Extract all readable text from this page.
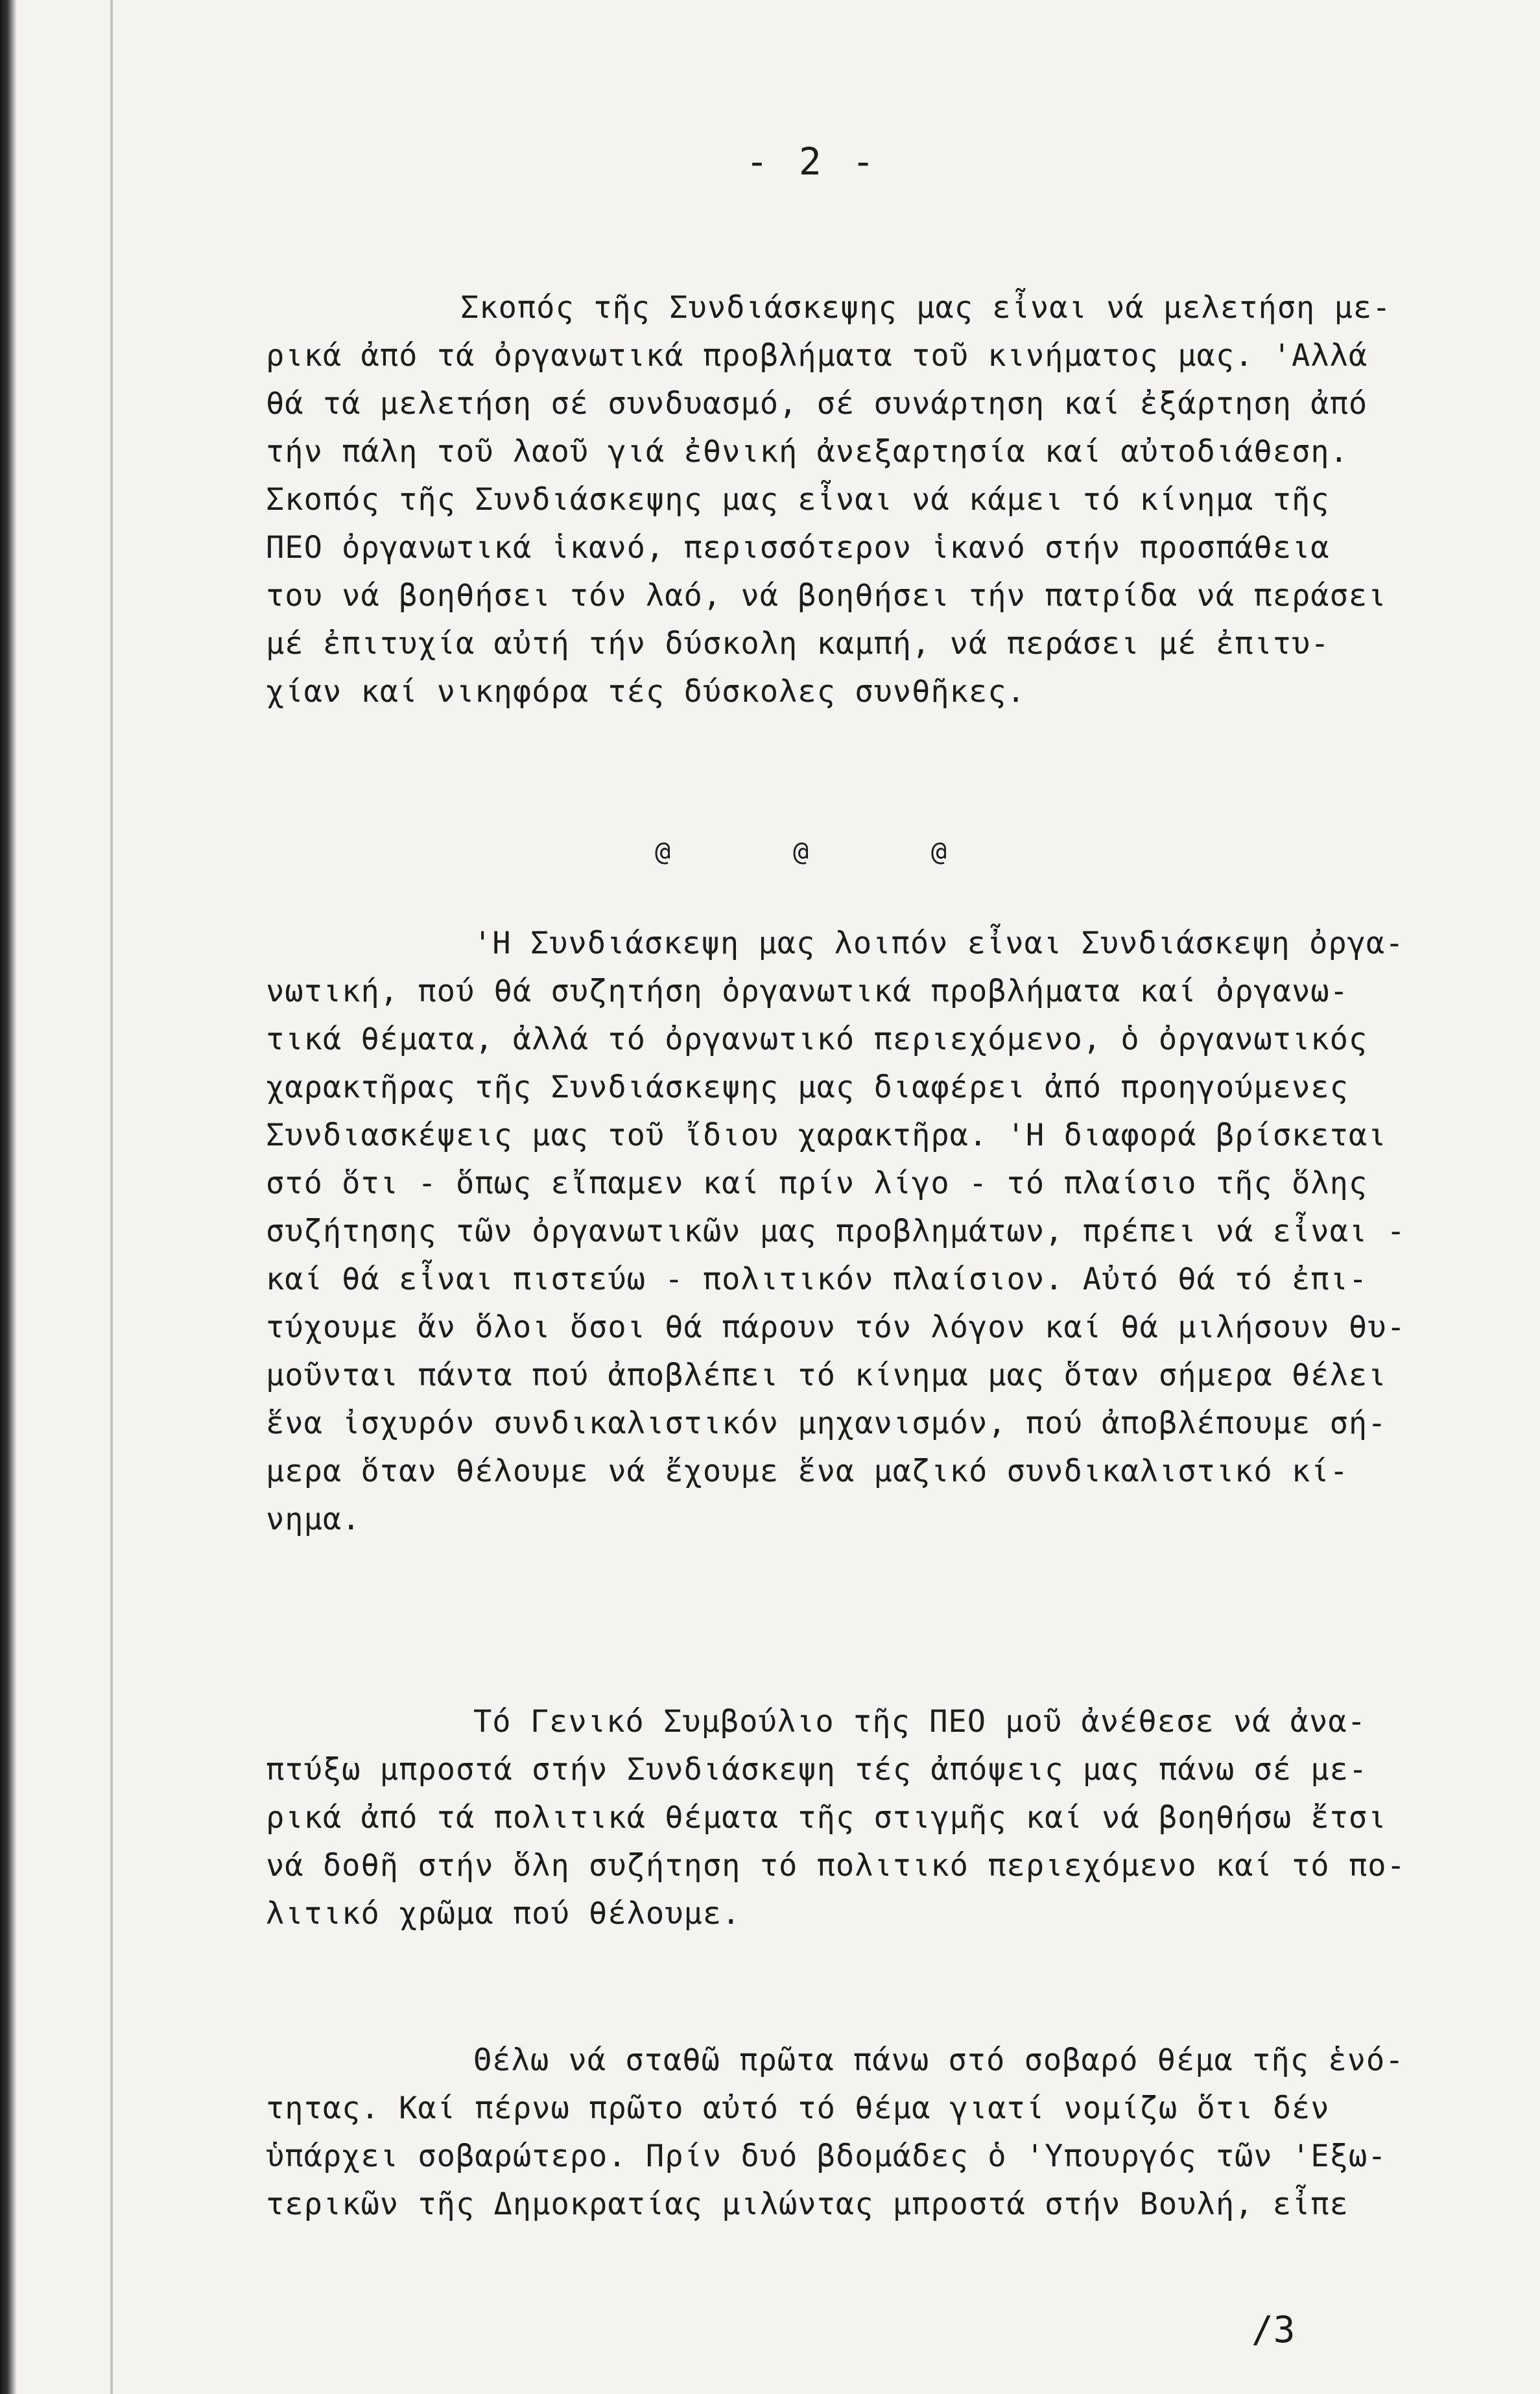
- 2 -
Σκοπός τῆς Συνδιάσκεψης μας εἶναι νά μελετήση με-
ρικά ἀπό τά ὀργανωτικά προβλήματα τοῦ κινήματος μας. 'Αλλά
θά τά μελετήση σέ συνδυασμό, σέ συνάρτηση καί ἐξάρτηση ἀπό
τήν πάλη τοῦ λαοῦ γιά ἐθνική ἀνεξαρτησία καί αὐτοδιάθεση.
Σκοπός τῆς Συνδιάσκεψης μας εἶναι νά κάμει τό κίνημα τῆς
ΠΕΟ ὀργανωτικά ἱκανό, περισσότερον ἱκανό στήν προσπάθεια
του νά βοηθήσει τόν λαό, νά βοηθήσει τήν πατρίδα νά περάσει
μέ ἐπιτυχία αὐτή τήν δύσκολη καμπή, νά περάσει μέ ἐπιτυ-
χίαν καί νικηφόρα τές δύσκολες συνθῆκες.
@	@	@
'Η Συνδιάσκεψη μας λοιπόν εἶναι Συνδιάσκεψη ὀργα-
νωτική, πού θά συζητήση ὀργανωτικά προβλήματα καί ὀργανω-
τικά θέματα, ἀλλά τό ὀργανωτικό περιεχόμενο, ὁ ὀργανωτικός
χαρακτῆρας τῆς Συνδιάσκεψης μας διαφέρει ἀπό προηγούμενες
Συνδιασκέψεις μας τοῦ ἴδιου χαρακτῆρα. 'Η διαφορά βρίσκεται
στό ὅτι - ὅπως εἴπαμεν καί πρίν λίγο - τό πλαίσιο τῆς ὅλης
συζήτησης τῶν ὀργανωτικῶν μας προβλημάτων, πρέπει νά εἶναι -
καί θά εἶναι πιστεύω - πολιτικόν πλαίσιον. Αὐτό θά τό ἐπι-
τύχουμε ἄν ὅλοι ὅσοι θά πάρουν τόν λόγον καί θά μιλήσουν θυ-
μοῦνται πάντα πού ἀποβλέπει τό κίνημα μας ὅταν σήμερα θέλει
ἕνα ἰσχυρόν συνδικαλιστικόν μηχανισμόν, πού ἀποβλέπουμε σή-
μερα ὅταν θέλουμε νά ἔχουμε ἕνα μαζικό συνδικαλιστικό κί-
νημα.
Τό Γενικό Συμβούλιο τῆς ΠΕΟ μοῦ ἀνέθεσε νά ἀνα-
πτύξω μπροστά στήν Συνδιάσκεψη τές ἀπόψεις μας πάνω σέ με-
ρικά ἀπό τά πολιτικά θέματα τῆς στιγμῆς καί νά βοηθήσω ἔτσι
νά δοθῆ στήν ὅλη συζήτηση τό πολιτικό περιεχόμενο καί τό πο-
λιτικό χρῶμα πού θέλουμε.
Θέλω νά σταθῶ πρῶτα πάνω στό σοβαρό θέμα τῆς ἑνό-
τητας. Καί πέρνω πρῶτο αὐτό τό θέμα γιατί νομίζω ὅτι δέν
ὑπάρχει σοβαρώτερο. Πρίν δυό βδομάδες ὁ 'Υπουργός τῶν 'Εξω-
τερικῶν τῆς Δημοκρατίας μιλώντας μπροστά στήν Βουλή, εἶπε
/3
